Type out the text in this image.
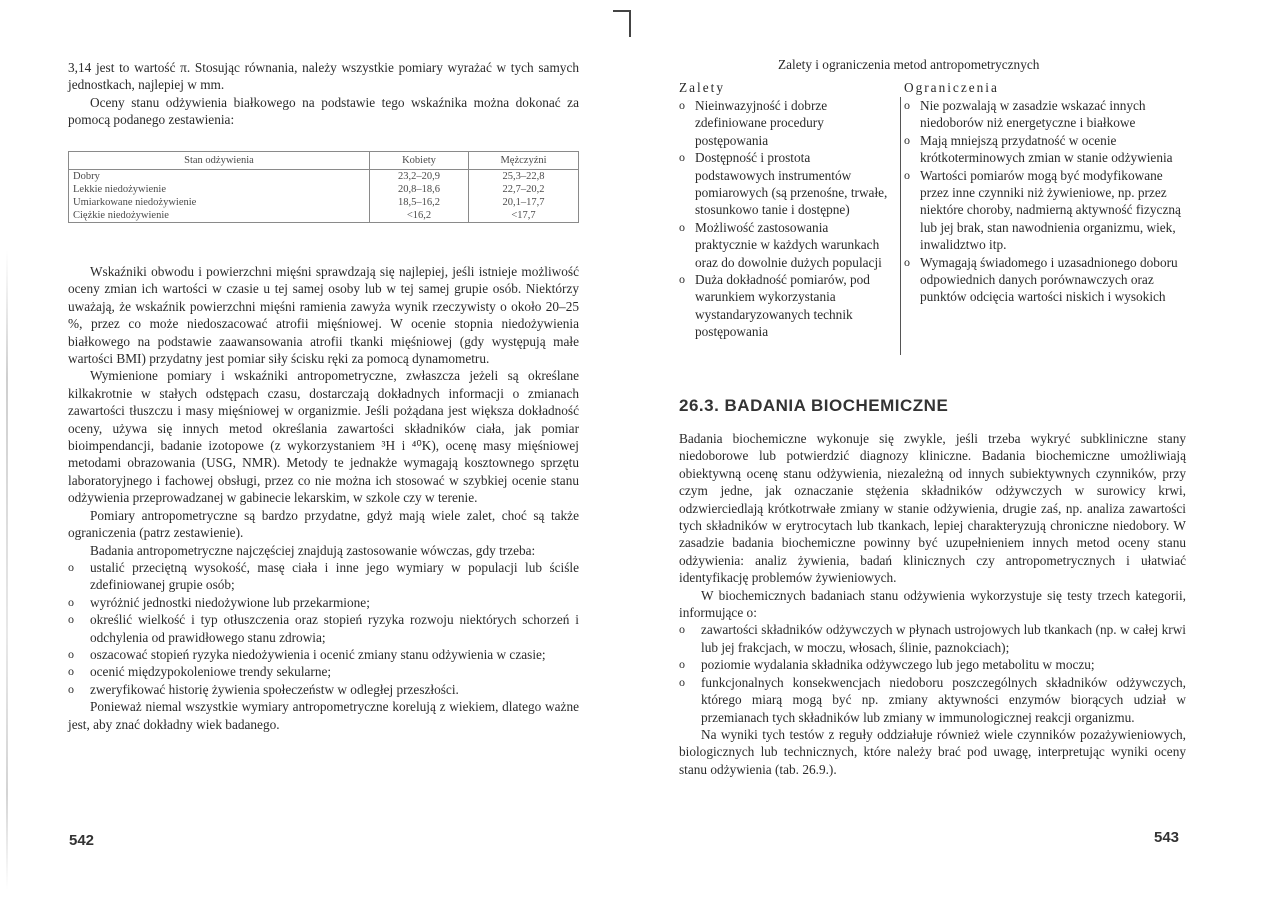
3,14 jest to wartość π. Stosując równania, należy wszystkie pomiary wyrażać w tych samych jednostkach, najlepiej w mm.

Oceny stanu odżywienia białkowego na podstawie tego wskaźnika można dokonać za pomocą podanego zestawienia:

Stan odżywienia	Kobiety	Mężczyźni
Dobry	23,2–20,9	25,3–22,8
Lekkie niedożywienie	20,8–18,6	22,7–20,2
Umiarkowane niedożywienie	18,5–16,2	20,1–17,7
Ciężkie niedożywienie	<16,2	<17,7

Wskaźniki obwodu i powierzchni mięśni sprawdzają się najlepiej, jeśli istnieje możliwość oceny zmian ich wartości w czasie u tej samej osoby lub w tej samej grupie osób. Niektórzy uważają, że wskaźnik powierzchni mięśni ramienia zawyża wynik rzeczywisty o około 20–25 %, przez co może niedoszacować atrofii mięśniowej. W ocenie stopnia niedożywienia białkowego na podstawie zaawansowania atrofii tkanki mięśniowej (gdy występują małe wartości BMI) przydatny jest pomiar siły ścisku ręki za pomocą dynamometru.

Wymienione pomiary i wskaźniki antropometryczne, zwłaszcza jeżeli są określane kilkakrotnie w stałych odstępach czasu, dostarczają dokładnych informacji o zmianach zawartości tłuszczu i masy mięśniowej w organizmie. Jeśli pożądana jest większa dokładność oceny, używa się innych metod określania zawartości składników ciała, jak pomiar bioimpendancji, badanie izotopowe (z wykorzystaniem ³H i ⁴⁰K), ocenę masy mięśniowej metodami obrazowania (USG, NMR). Metody te jednakże wymagają kosztownego sprzętu laboratoryjnego i fachowej obsługi, przez co nie można ich stosować w szybkiej ocenie stanu odżywienia przeprowadzanej w gabinecie lekarskim, w szkole czy w terenie.

Pomiary antropometryczne są bardzo przydatne, gdyż mają wiele zalet, choć są także ograniczenia (patrz zestawienie).

Badania antropometryczne najczęściej znajdują zastosowanie wówczas, gdy trzeba:

o ustalić przeciętną wysokość, masę ciała i inne jego wymiary w populacji lub ściśle zdefiniowanej grupie osób;
o wyróżnić jednostki niedożywione lub przekarmione;
o określić wielkość i typ otłuszczenia oraz stopień ryzyka rozwoju niektórych schorzeń i odchylenia od prawidłowego stanu zdrowia;
o oszacować stopień ryzyka niedożywienia i ocenić zmiany stanu odżywienia w czasie;
o ocenić międzypokoleniowe trendy sekularne;
o zweryfikować historię żywienia społeczeństw w odległej przeszłości.

Ponieważ niemal wszystkie wymiary antropometryczne korelują z wiekiem, dlatego ważne jest, aby znać dokładny wiek badanego.

542
Zalety i ograniczenia metod antropometrycznych
Zalety	Ograniczenia
o Nieinwazyjność i dobrze zdefiniowane procedury postępowania
o Dostępność i prostota podstawowych instrumentów pomiarowych (są przenośne, trwałe, stosunkowo tanie i dostępne)
o Możliwość zastosowania praktycznie w każdych warunkach oraz do dowolnie dużych populacji
o Duża dokładność pomiarów, pod warunkiem wykorzystania wystandaryzowanych technik postępowania
o Nie pozwalają w zasadzie wskazać innych niedoborów niż energetyczne i białkowe
o Mają mniejszą przydatność w ocenie krótkoterminowych zmian w stanie odżywienia
o Wartości pomiarów mogą być modyfikowane przez inne czynniki niż żywieniowe, np. przez niektóre choroby, nadmierną aktywność fizyczną lub jej brak, stan nawodnienia organizmu, wiek, inwalidztwo itp.
o Wymagają świadomego i uzasadnionego doboru odpowiednich danych porównawczych oraz punktów odcięcia wartości niskich i wysokich
26.3. BADANIA BIOCHEMICZNE

Badania biochemiczne wykonuje się zwykle, jeśli trzeba wykryć subkliniczne stany niedoborowe lub potwierdzić diagnozy kliniczne. Badania biochemiczne umożliwiają obiektywną ocenę stanu odżywienia, niezależną od innych subiektywnych czynników, przy czym jedne, jak oznaczanie stężenia składników odżywczych w surowicy krwi, odzwierciedlają krótkotrwałe zmiany w stanie odżywienia, drugie zaś, np. analiza zawartości tych składników w erytrocytach lub tkankach, lepiej charakteryzują chroniczne niedobory. W zasadzie badania biochemiczne powinny być uzupełnieniem innych metod oceny stanu odżywienia: analiz żywienia, badań klinicznych czy antropometrycznych i ułatwiać identyfikację problemów żywieniowych.

W biochemicznych badaniach stanu odżywienia wykorzystuje się testy trzech kategorii, informujące o:

o zawartości składników odżywczych w płynach ustrojowych lub tkankach (np. w całej krwi lub jej frakcjach, w moczu, włosach, ślinie, paznokciach);
o poziomie wydalania składnika odżywczego lub jego metabolitu w moczu;
o funkcjonalnych konsekwencjach niedoboru poszczególnych składników odżywczych, którego miarą mogą być np. zmiany aktywności enzymów biorących udział w przemianach tych składników lub zmiany w immunologicznej reakcji organizmu.

Na wyniki tych testów z reguły oddziałuje również wiele czynników pozażywieniowych, biologicznych lub technicznych, które należy brać pod uwagę, interpretując wyniki oceny stanu odżywienia (tab. 26.9.).

543
